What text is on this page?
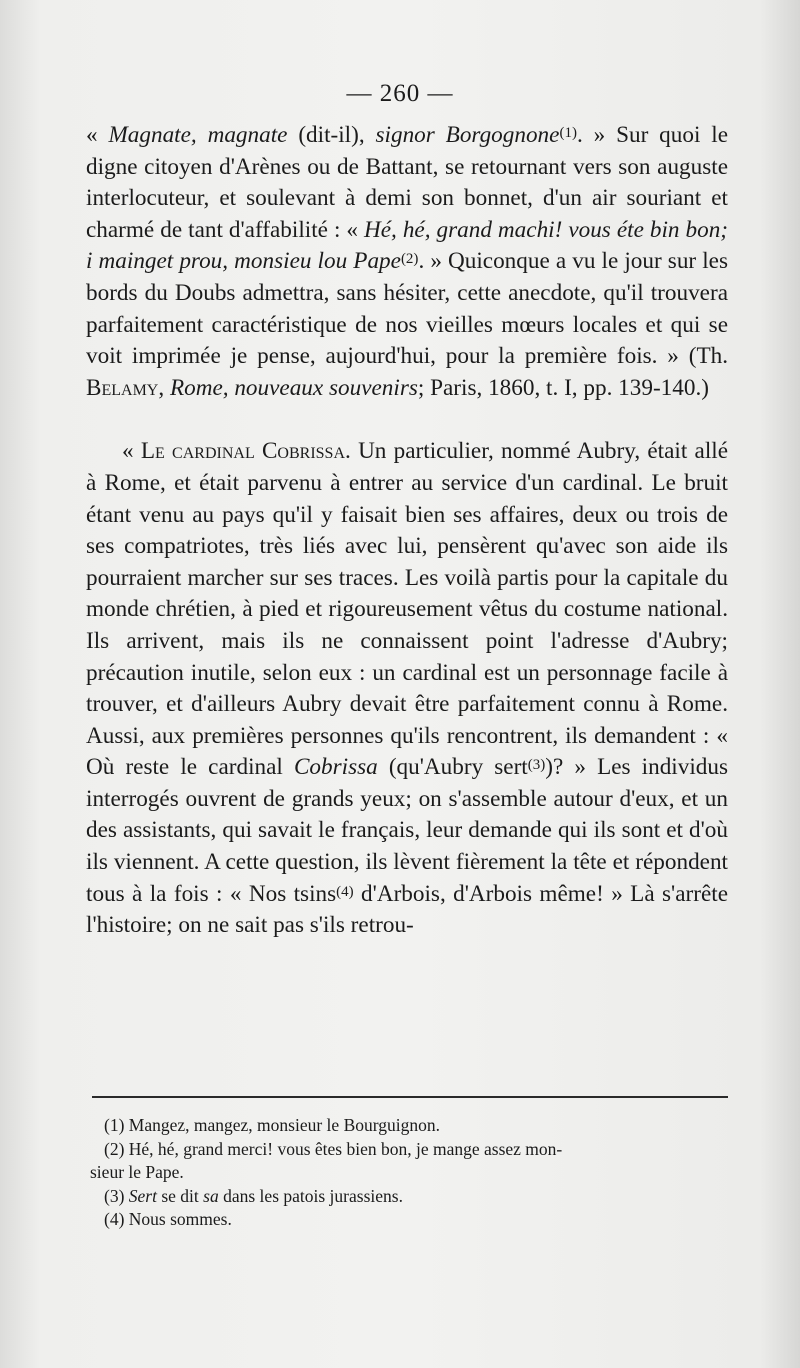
— 260 —

« Magnate, magnate (dit-il), signor Borgognone$^{(1)}$. » Sur quoi le digne citoyen d'Arènes ou de Battant, se retournant vers son auguste interlocuteur, et soulevant à demi son bonnet, d'un air souriant et charmé de tant d'affabilité : « Hé, hé, grand machi! vous éte bin bon; i mainget prou, monsieu lou Pape$^{(2)}$. » Quiconque a vu le jour sur les bords du Doubs admettra, sans hésiter, cette anecdote, qu'il trouvera parfaitement caractéristique de nos vieilles mœurs locales et qui se voit imprimée je pense, aujourd'hui, pour la première fois. » (Th. Belamy, Rome, nouveaux souvenirs; Paris, 1860, t. I, pp. 139-140.)

« Le cardinal Cobrissa. Un particulier, nommé Aubry, était allé à Rome, et était parvenu à entrer au service d'un cardinal. Le bruit étant venu au pays qu'il y faisait bien ses affaires, deux ou trois de ses compatriotes, très liés avec lui, pensèrent qu'avec son aide ils pourraient marcher sur ses traces. Les voilà partis pour la capitale du monde chrétien, à pied et rigoureusement vêtus du costume national. Ils arrivent, mais ils ne connaissent point l'adresse d'Aubry; précaution inutile, selon eux : un cardinal est un personnage facile à trouver, et d'ailleurs Aubry devait être parfaitement connu à Rome. Aussi, aux premières personnes qu'ils rencontrent, ils demandent : « Où reste le cardinal Cobrissa (qu'Aubry sert$^{(3)}$)? » Les individus interrogés ouvrent de grands yeux; on s'assemble autour d'eux, et un des assistants, qui savait le français, leur demande qui ils sont et d'où ils viennent. A cette question, ils lèvent fièrement la tête et répondent tous à la fois : « Nos tsins$^{(4)}$ d'Arbois, d'Arbois même! » Là s'arrête l'histoire; on ne sait pas s'ils retrou-

(1) Mangez, mangez, monsieur le Bourguignon.

(2) Hé, hé, grand merci! vous êtes bien bon, je mange assez mon-

sieur le Pape.

(3) Sert se dit sa dans les patois jurassiens.

(4) Nous sommes.
